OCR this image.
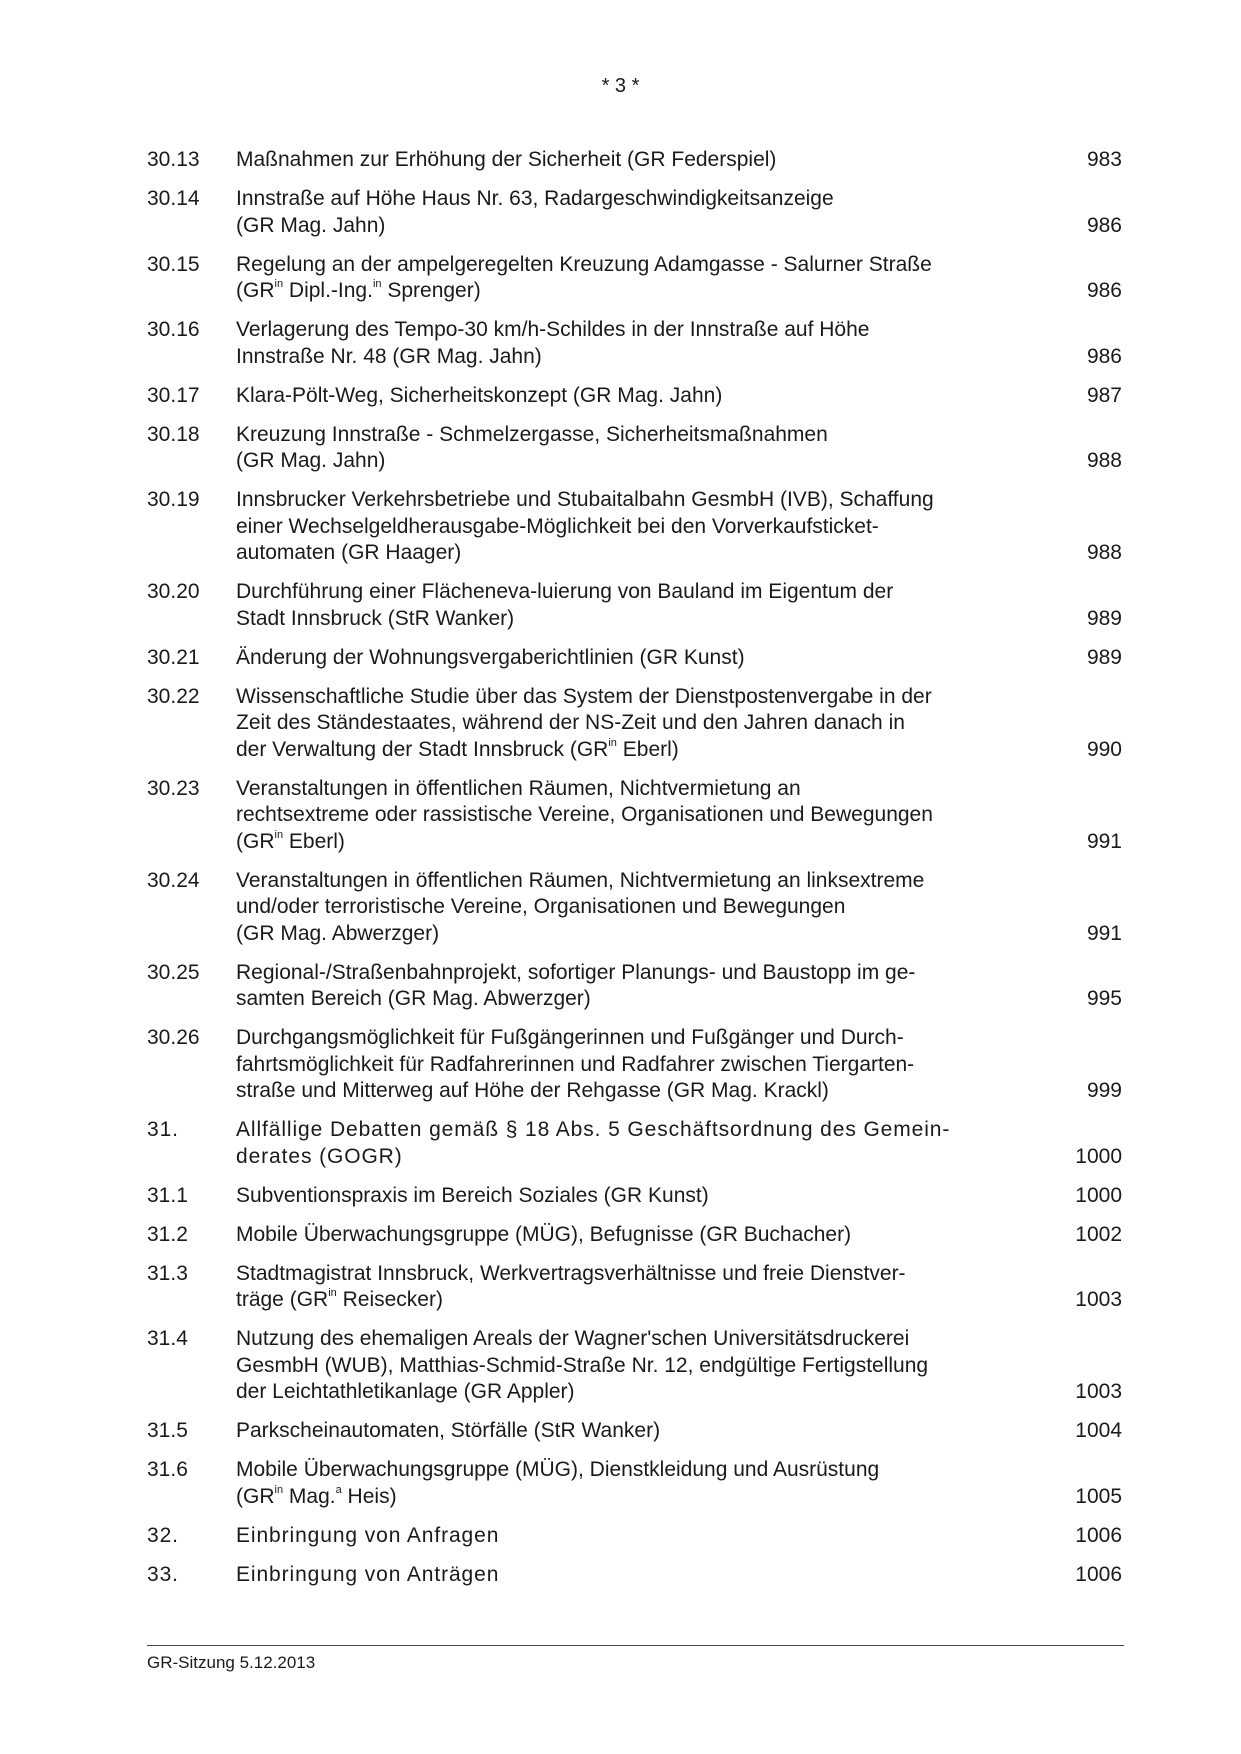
* 3 *
30.13	Maßnahmen zur Erhöhung der Sicherheit (GR Federspiel)	983
30.14	Innstraße auf Höhe Haus Nr. 63, Radargeschwindigkeitsanzeige
(GR Mag. Jahn)	986
30.15	Regelung an der ampelgeregelten Kreuzung Adamgasse - Salurner Straße
($GR^{in}$ Dipl.-Ing.$^{in}$ Sprenger)	986
30.16	Verlagerung des Tempo-30 km/h-Schildes in der Innstraße auf Höhe
Innstraße Nr. 48 (GR Mag. Jahn)	986
30.17	Klara-Pölt-Weg, Sicherheitskonzept (GR Mag. Jahn)	987
30.18	Kreuzung Innstraße - Schmelzergasse, Sicherheitsmaßnahmen
(GR Mag. Jahn)	988
30.19	Innsbrucker Verkehrsbetriebe und Stubaitalbahn GesmbH (IVB), Schaffung
einer Wechselgeldherausgabe-Möglichkeit bei den Vorverkaufsticket-
automaten (GR Haager)	988
30.20	Durchführung einer Flächeneva-luierung von Bauland im Eigentum der
Stadt Innsbruck (StR Wanker)	989
30.21	Änderung der Wohnungsvergaberichtlinien (GR Kunst)	989
30.22	Wissenschaftliche Studie über das System der Dienstpostenvergabe in der
Zeit des Ständestaates, während der NS-Zeit und den Jahren danach in
der Verwaltung der Stadt Innsbruck ($GR^{in}$ Eberl)	990
30.23	Veranstaltungen in öffentlichen Räumen, Nichtvermietung an
rechtsextreme oder rassistische Vereine, Organisationen und Bewegungen
($GR^{in}$ Eberl)	991
30.24	Veranstaltungen in öffentlichen Räumen, Nichtvermietung an linksextreme
und/oder terroristische Vereine, Organisationen und Bewegungen
(GR Mag. Abwerzger)	991
30.25	Regional-/Straßenbahnprojekt, sofortiger Planungs- und Baustopp im ge-
samten Bereich (GR Mag. Abwerzger)	995
30.26	Durchgangsmöglichkeit für Fußgängerinnen und Fußgänger und Durch-
fahrtsmöglichkeit für Radfahrerinnen und Radfahrer zwischen Tiergarten-
straße und Mitterweg auf Höhe der Rehgasse (GR Mag. Krackl)	999
31.	Allfällige Debatten gemäß § 18 Abs. 5 Geschäftsordnung des Gemein-
derates (GOGR)	1000
31.1	Subventionspraxis im Bereich Soziales (GR Kunst)	1000
31.2	Mobile Überwachungsgruppe (MÜG), Befugnisse (GR Buchacher)	1002
31.3	Stadtmagistrat Innsbruck, Werkvertragsverhältnisse und freie Dienstver-
träge ($GR^{in}$ Reisecker)	1003
31.4	Nutzung des ehemaligen Areals der Wagner'schen Universitätsdruckerei
GesmbH (WUB), Matthias-Schmid-Straße Nr. 12, endgültige Fertigstellung
der Leichtathletikanlage (GR Appler)	1003
31.5	Parkscheinautomaten, Störfälle (StR Wanker)	1004
31.6	Mobile Überwachungsgruppe (MÜG), Dienstkleidung und Ausrüstung
($GR^{in}$ Mag.$^a$ Heis)	1005
32.	Einbringung von Anfragen	1006
33.	Einbringung von Anträgen	1006
GR-Sitzung 5.12.2013
